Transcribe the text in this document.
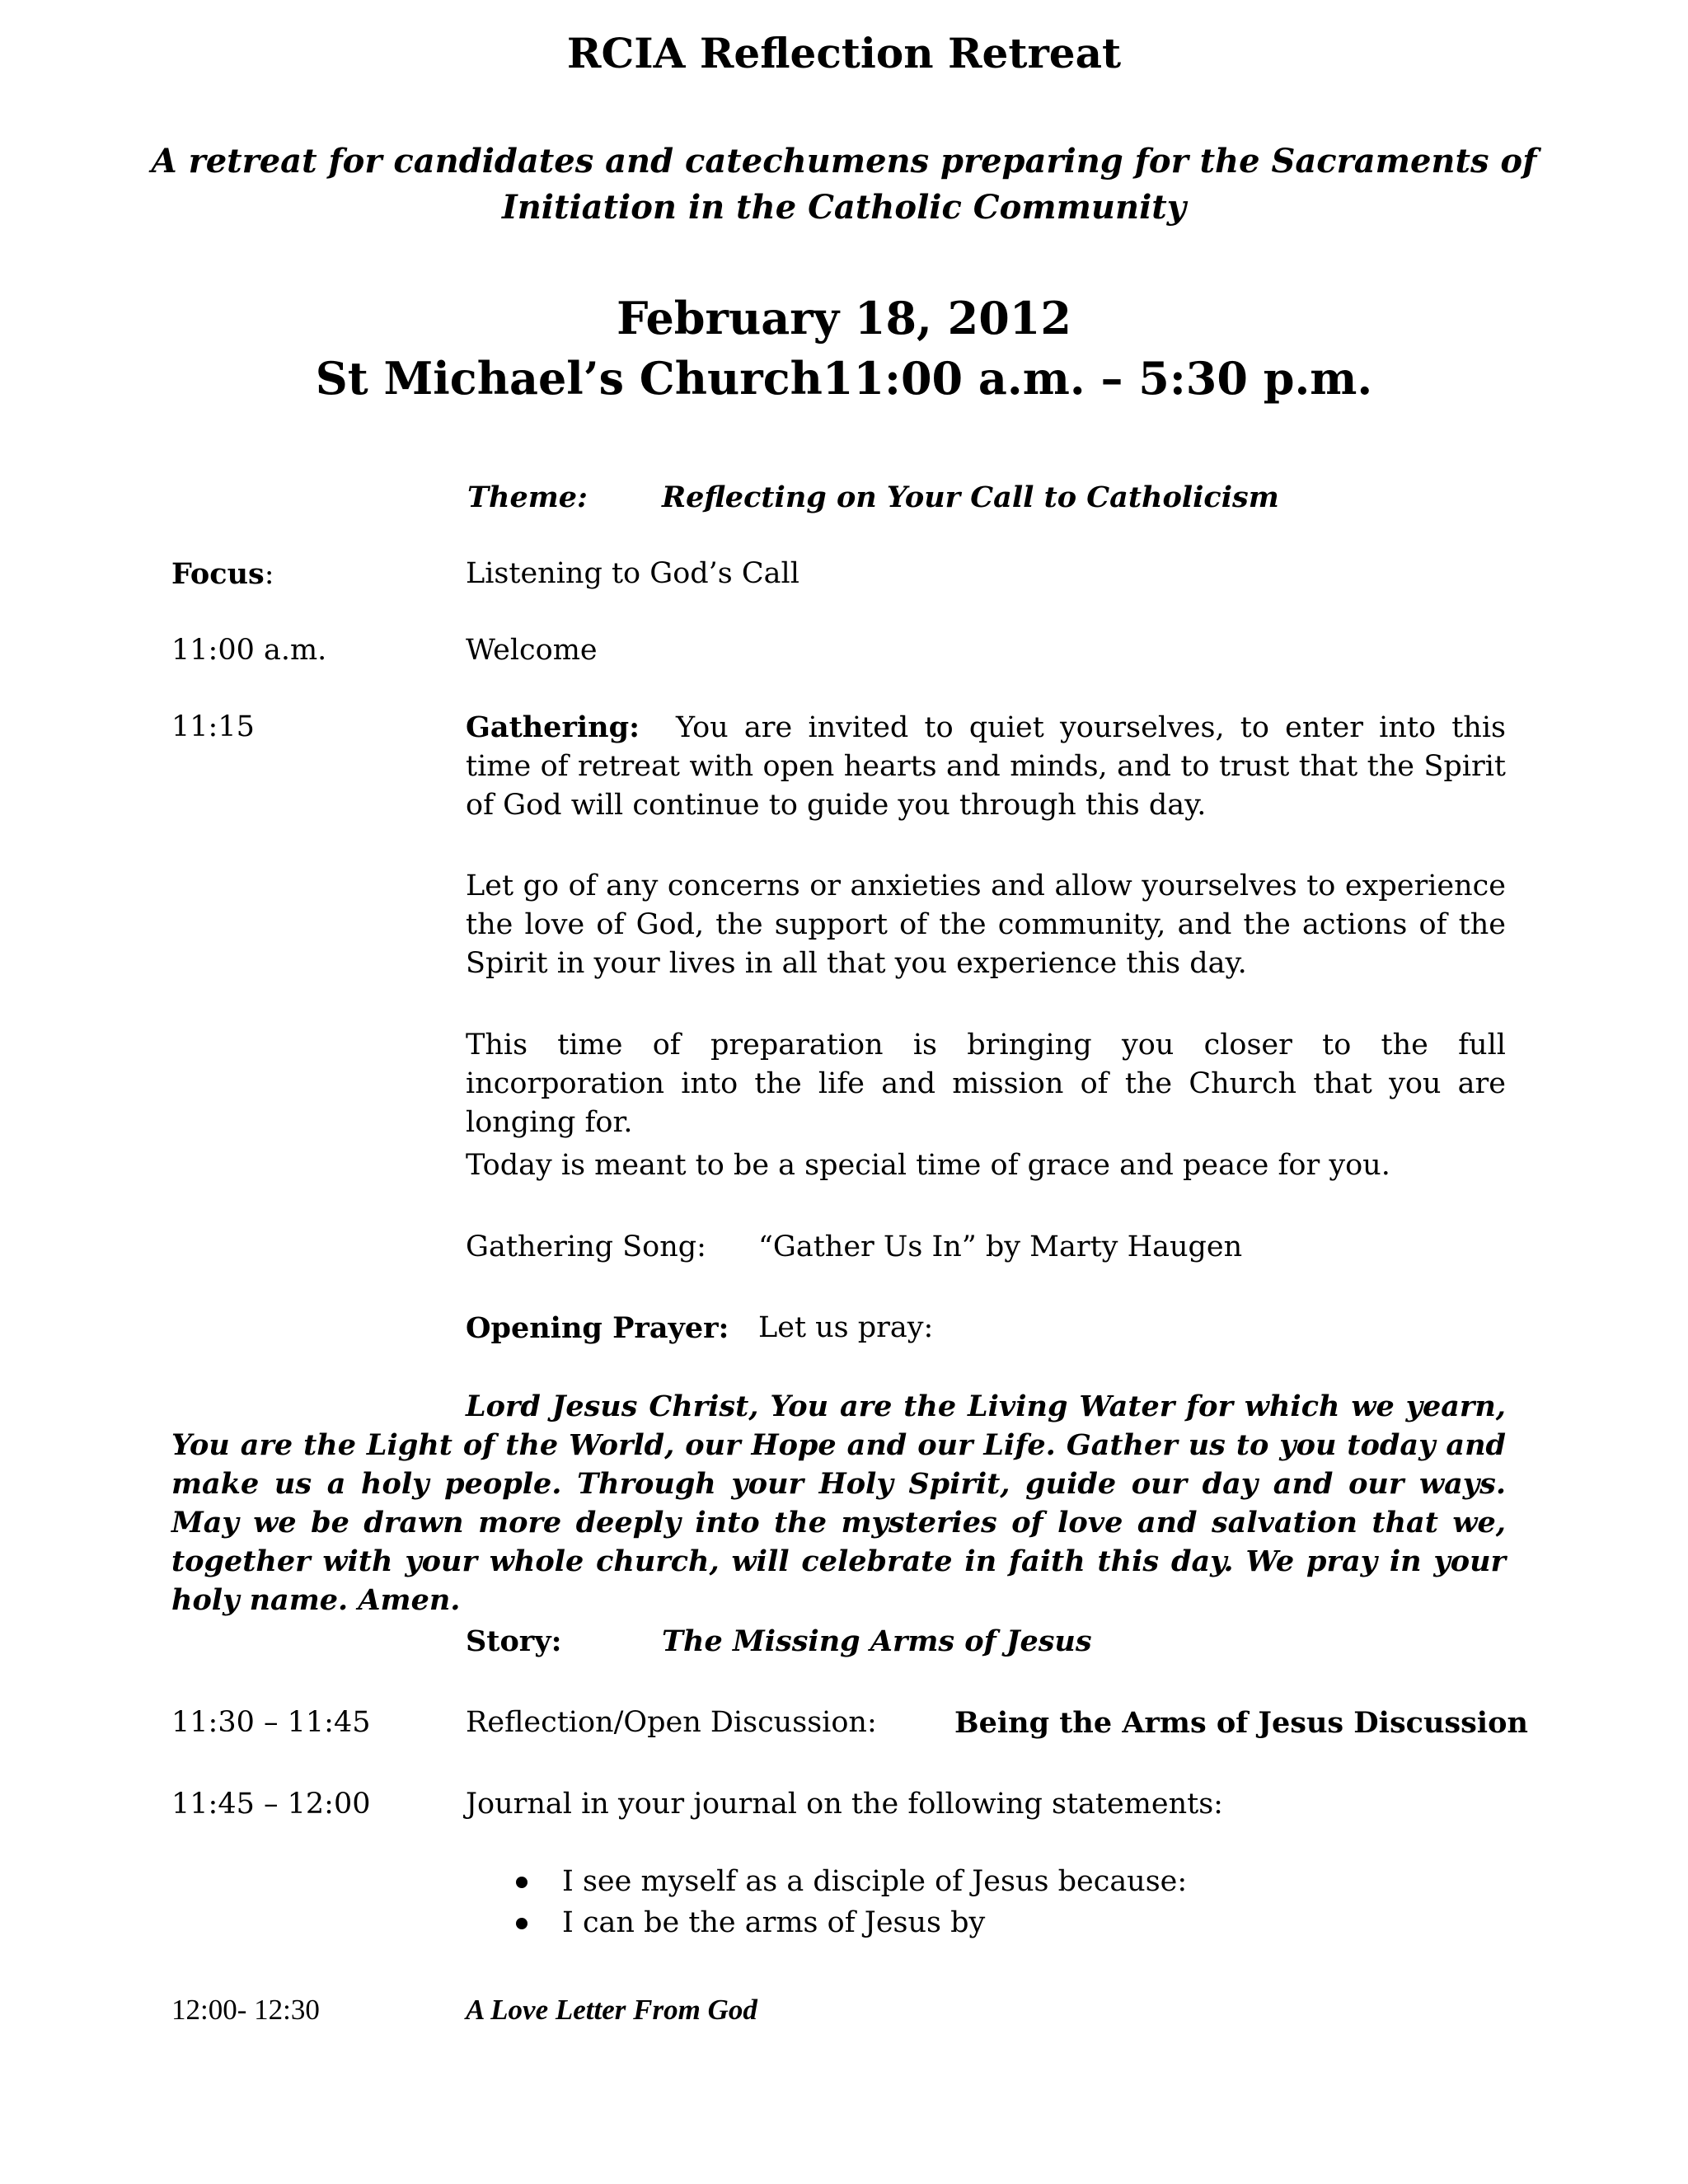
RCIA Reflection Retreat
A retreat for candidates and catechumens preparing for the Sacraments of
Initiation in the Catholic Community
February 18, 2012
St Michael’s Church11:00 a.m. – 5:30 p.m.
Theme:	Reflecting on Your Call to Catholicism
Focus:	Listening to God’s Call
11:00 a.m.	Welcome
11:15	Gathering: You are invited to quiet yourselves, to enter into this time of retreat with open hearts and minds, and to trust that the Spirit of God will continue to guide you through this day.
Let go of any concerns or anxieties and allow yourselves to experience the love of God, the support of the community, and the actions of the Spirit in your lives in all that you experience this day.
This time of preparation is bringing you closer to the full incorporation into the life and mission of the Church that you are longing for.
Today is meant to be a special time of grace and peace for you.
Gathering Song: “Gather Us In” by Marty Haugen
Opening Prayer: Let us pray:
Lord Jesus Christ, You are the Living Water for which we yearn, You are the Light of the World, our Hope and our Life. Gather us to you today and make us a holy people. Through your Holy Spirit, guide our day and our ways. May we be drawn more deeply into the mysteries of love and salvation that we, together with your whole church, will celebrate in faith this day. We pray in your holy name. Amen.
Story:	The Missing Arms of Jesus
11:30 – 11:45	Reflection/Open Discussion:	Being the Arms of Jesus Discussion
11:45 – 12:00	Journal in your journal on the following statements:
I see myself as a disciple of Jesus because:
I can be the arms of Jesus by
12:00- 12:30	A Love Letter From God
